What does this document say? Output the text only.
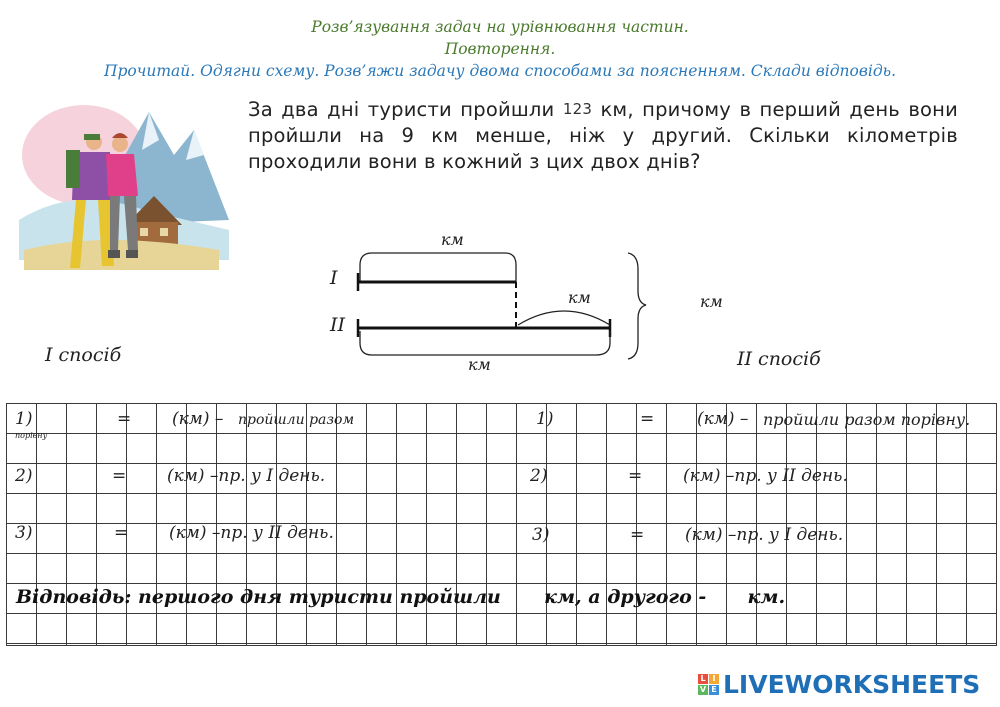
Розв’язування задач на урівнювання частин.
Повторення.
Прочитай. Одягни схему. Розв’яжи задачу двома способами за поясненням. Склади відповідь.
За два дні туристи пройшли 123 км, причому в перший день вони пройшли на 9 км менше, ніж у другий. Скільки кілометрів проходили вони в кожний з цих двох днів?
км
км
км
км
I
II
I спосіб	II спосіб
1)	= (км) – пройшли разом
порівну
2)	= (км) –пр. у І день.
3)	= (км) –пр. у ІІ день.
1)	=	(км) – пройшли разом порівну.
2)	= (км) –пр. у ІІ день.
3)	= (км) –пр. у І день.
Відповідь: першого дня туристи пройшли км, а другого - км.
L I
V E LIVEWORKSHEETS
